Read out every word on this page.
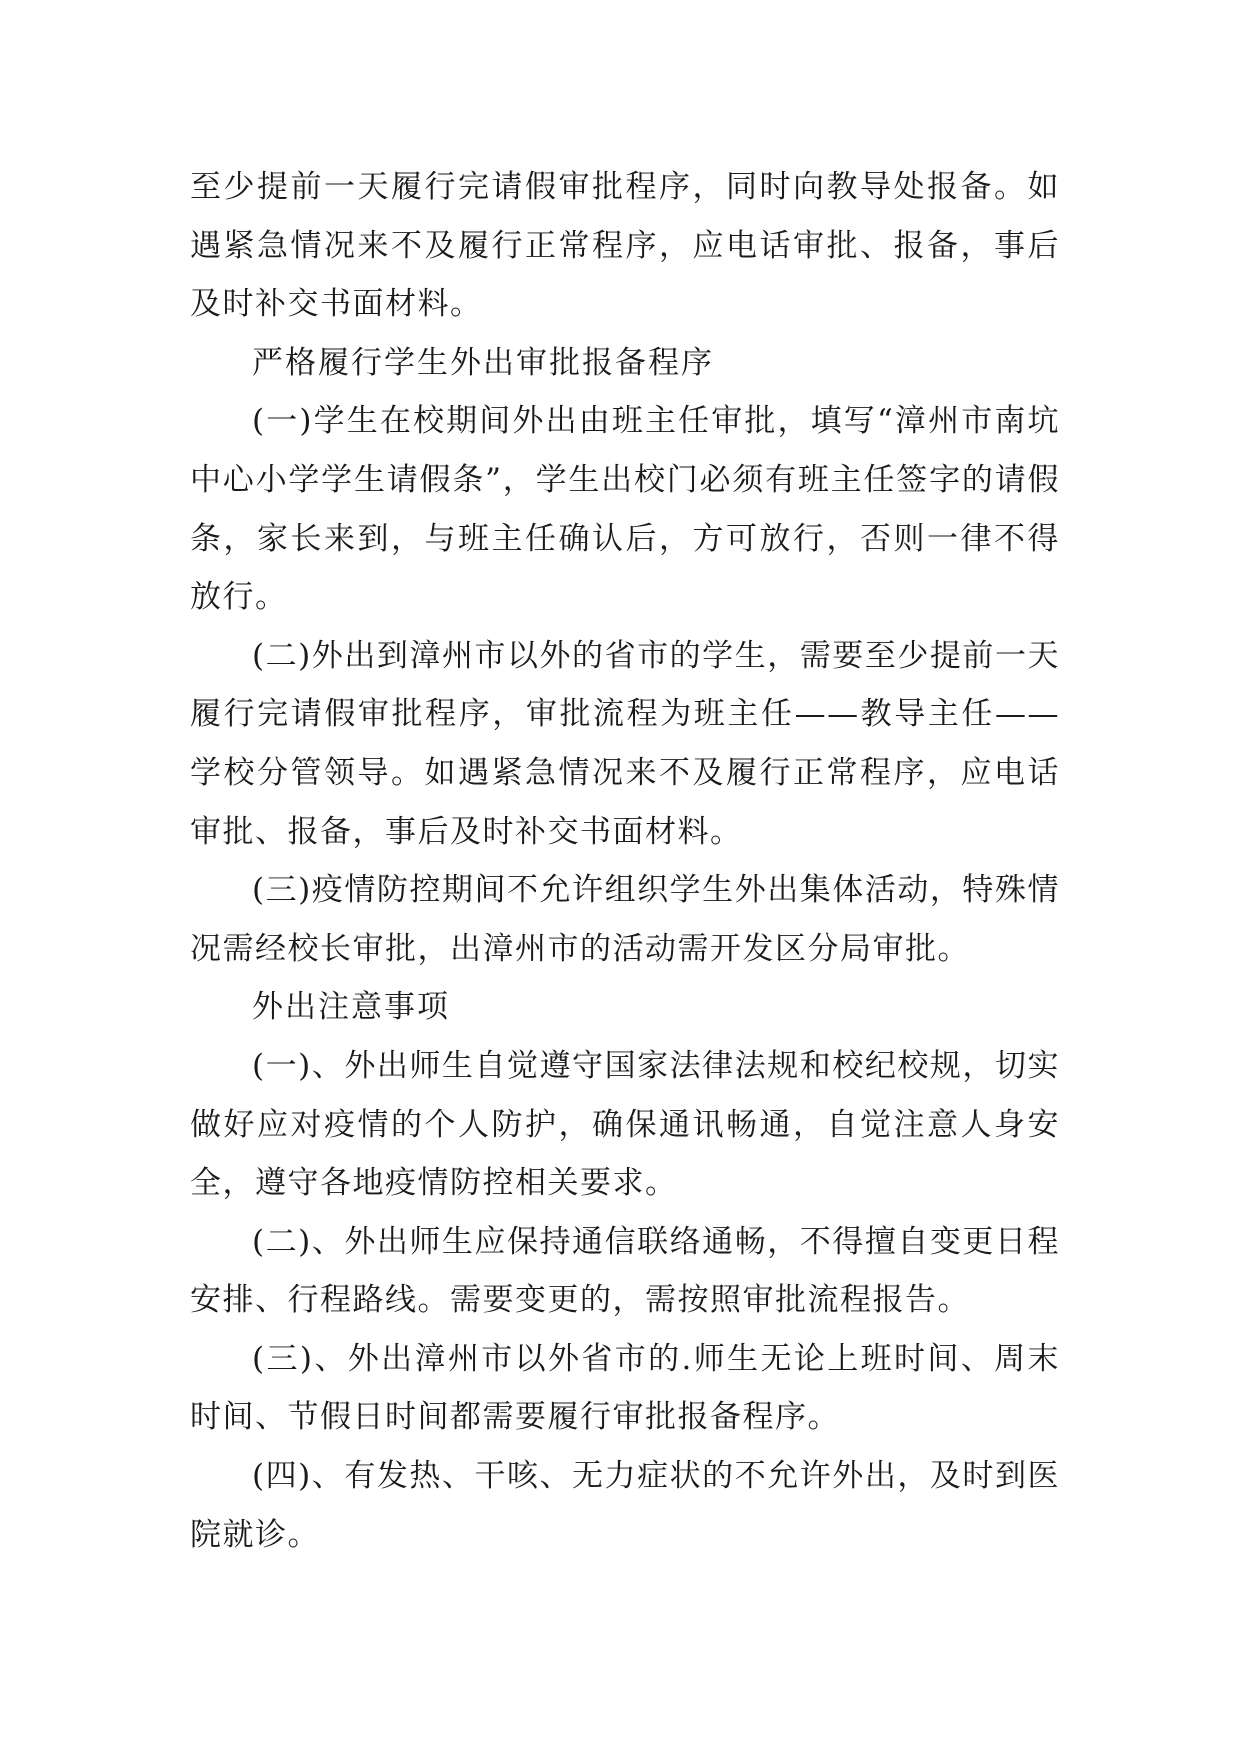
至少提前一天履行完请假审批程序，同时向教导处报备。如遇紧急情况来不及履行正常程序，应电话审批、报备，事后及时补交书面材料。

严格履行学生外出审批报备程序

(一)学生在校期间外出由班主任审批，填写“漳州市南坑中心小学学生请假条”，学生出校门必须有班主任签字的请假条，家长来到，与班主任确认后，方可放行，否则一律不得放行。

(二)外出到漳州市以外的省市的学生，需要至少提前一天履行完请假审批程序，审批流程为班主任——教导主任——学校分管领导。如遇紧急情况来不及履行正常程序，应电话审批、报备，事后及时补交书面材料。

(三)疫情防控期间不允许组织学生外出集体活动，特殊情况需经校长审批，出漳州市的活动需开发区分局审批。

外出注意事项

(一)、外出师生自觉遵守国家法律法规和校纪校规，切实做好应对疫情的个人防护，确保通讯畅通，自觉注意人身安全，遵守各地疫情防控相关要求。

(二)、外出师生应保持通信联络通畅，不得擅自变更日程安排、行程路线。需要变更的，需按照审批流程报告。

(三)、外出漳州市以外省市的.师生无论上班时间、周末时间、节假日时间都需要履行审批报备程序。

(四)、有发热、干咳、无力症状的不允许外出，及时到医院就诊。
